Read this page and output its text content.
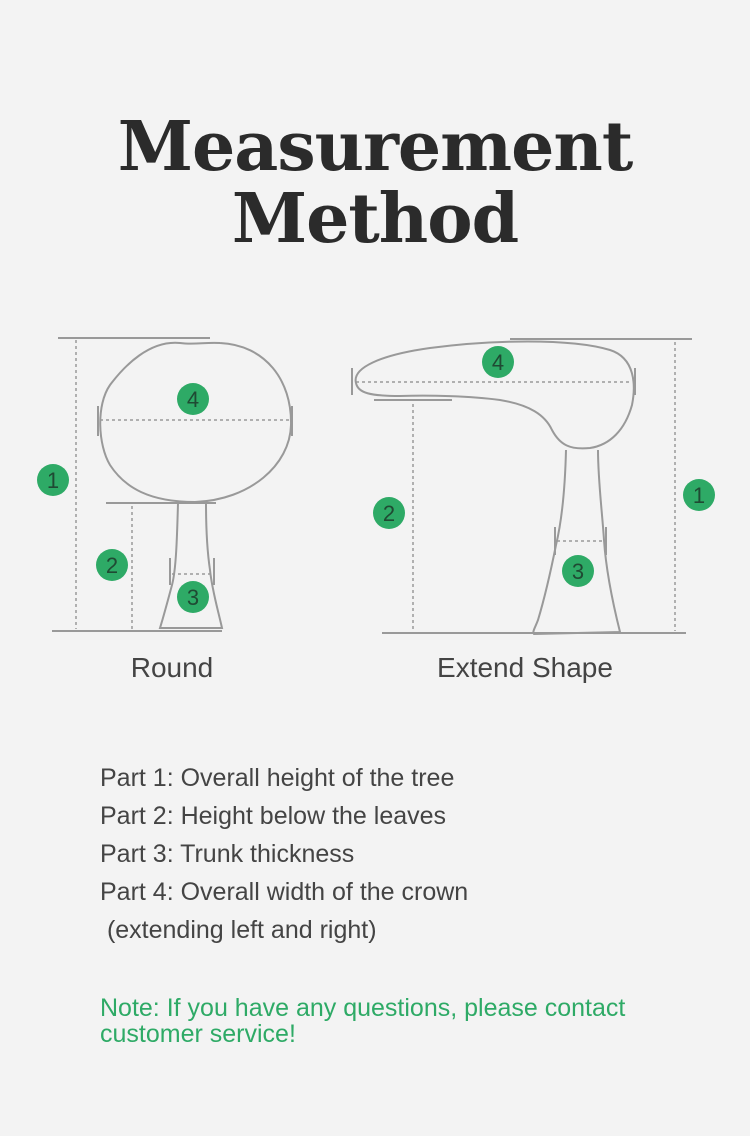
Measurement
Method
1
2
3
4
1
2
3
4
Round	Extend Shape
Part 1: Overall height of the tree
Part 2: Height below the leaves
Part 3: Trunk thickness
Part 4: Overall width of the crown
(extending left and right)
Note: If you have any questions, please contact customer service!
